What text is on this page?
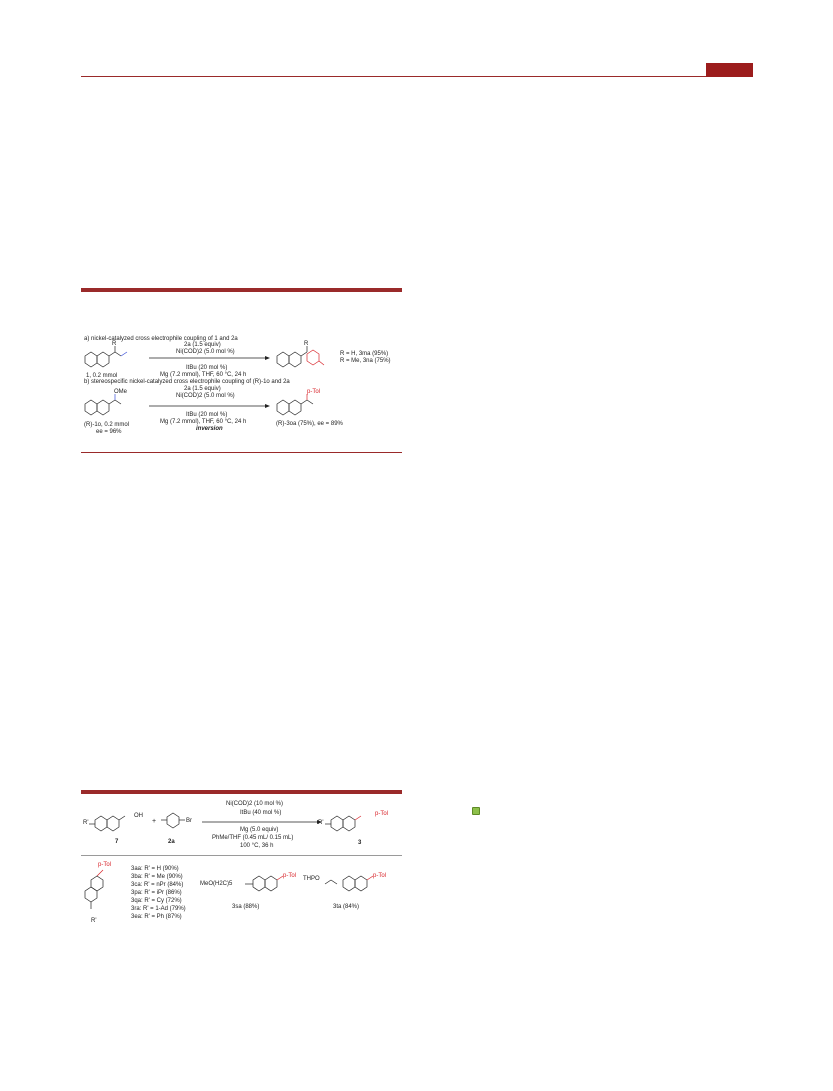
a) nickel-catalyzed cross electrophile coupling of 1 and 2a
R	2a (1.5 equiv)
Ni(COD)2 (5.0 mol %)
ItBu (20 mol %)
Mg (7.2 mmol), THF, 60 °C, 24 h
1, 0.2 mmol
R
R = H, 3ma (95%)
R = Me, 3na (75%)
b) stereospecific nickel-catalyzed cross electrophile coupling of (R)-1o and 2a
2a (1.5 equiv)
Ni(COD)2 (5.0 mol %)
OMe	p-Tol
ItBu (20 mol %)
Mg (7.2 mmol), THF, 60 °C, 24 h
inversion
(R)-1o, 0.2 mmol
ee = 96%
(R)-3oa (75%), ee = 89%
R'
OH
+	Br
7	2a	3
R'
p-Tol
Ni(COD)2 (10 mol %)
ItBu (40 mol %)
Mg (5.0 equiv)
PhMe/THF (0.45 mL/ 0.15 mL)
100 °C, 36 h
p-Tol
R'
3aa: R' = H (90%)
3ba: R' = Me (90%)
3ca: R' = nPr (84%)
3pa: R' = iPr (86%)
3qa: R' = Cy (72%)
3ra: R' = 1-Ad (79%)
3ea: R' = Ph (87%)
MeO(H2C)5
p-Tol
3sa (88%)
THPO	p-Tol
3ta (84%)
